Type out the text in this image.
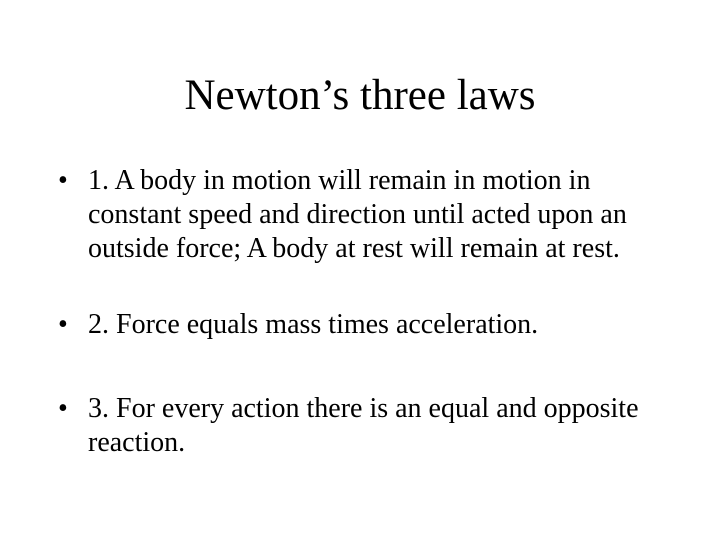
Newton’s three laws
• 1. A body in motion will remain in motion in
constant speed and direction until acted upon an
outside force; A body at rest will remain at rest.
• 2. Force equals mass times acceleration.
• 3. For every action there is an equal and opposite
reaction.
